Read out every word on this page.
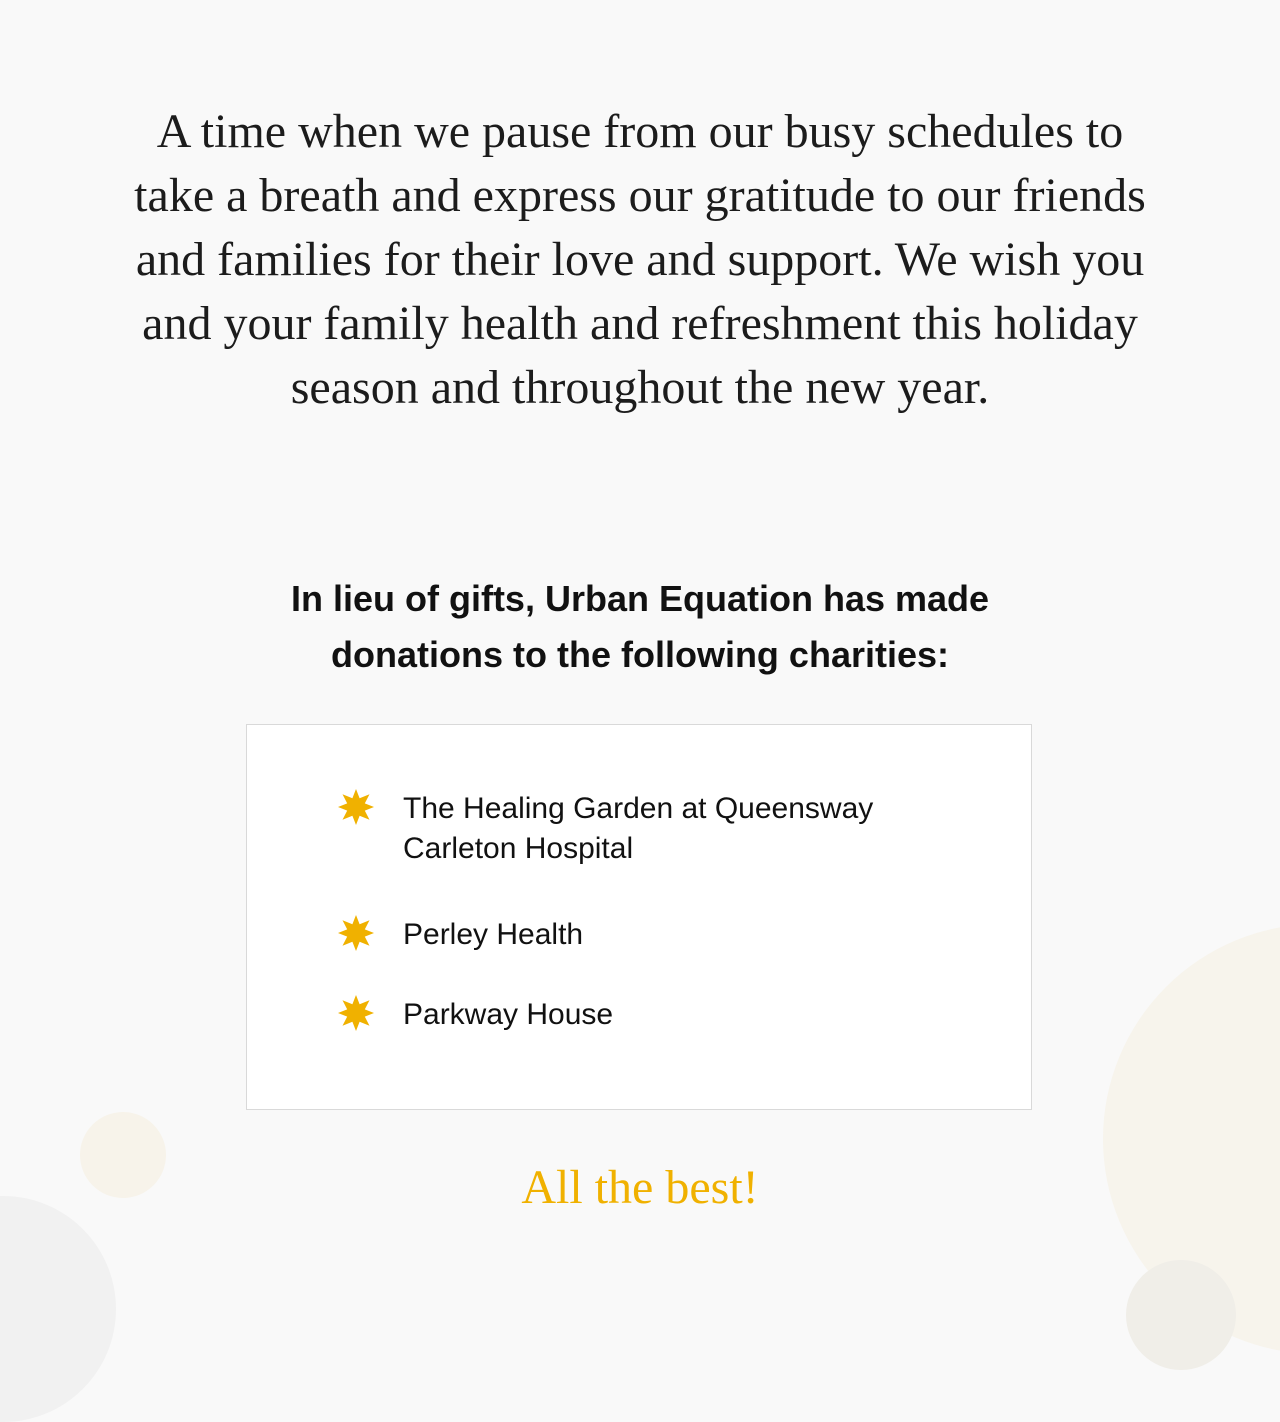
A time when we pause from our busy schedules to take a breath and express our gratitude to our friends and families for their love and support. We wish you and your family health and refreshment this holiday season and throughout the new year.

In lieu of gifts, Urban Equation has made donations to the following charities:
The Healing Garden at Queensway Carleton Hospital
Perley Health
Parkway House

All the best!
